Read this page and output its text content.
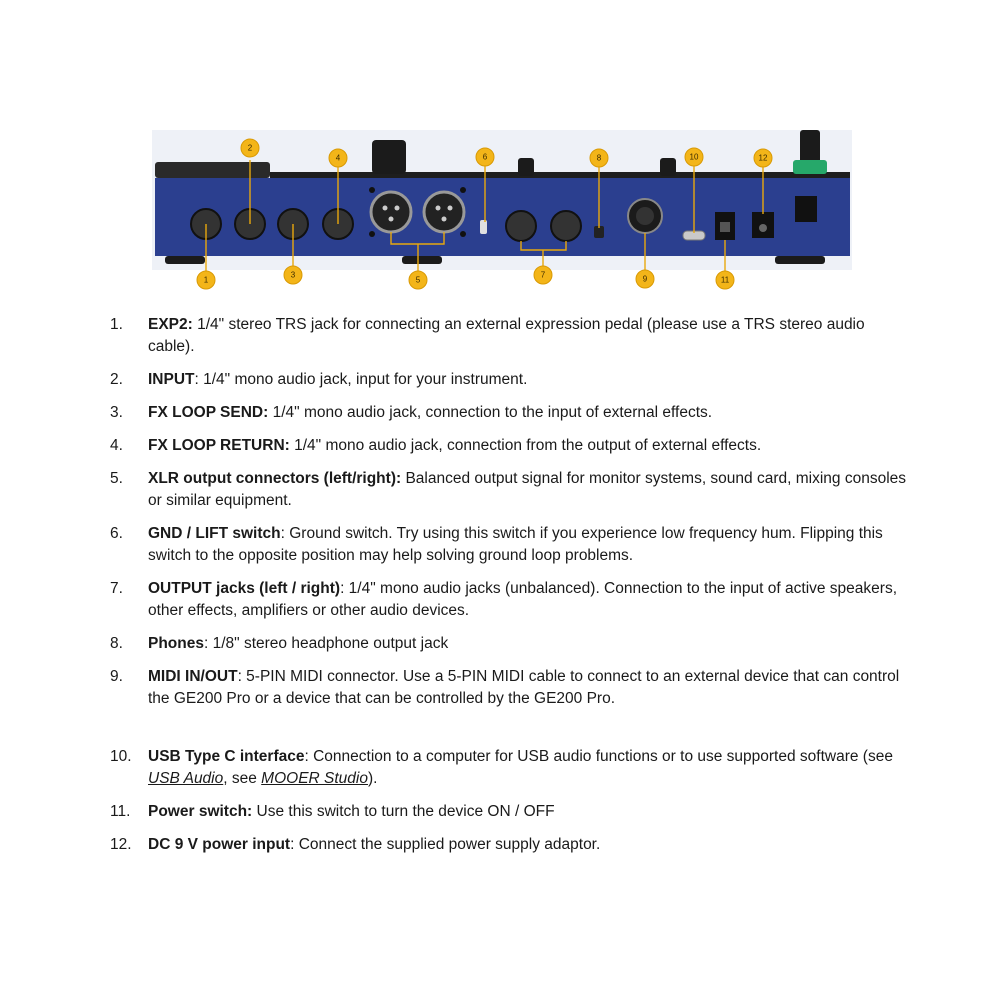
1
2
3
4
5
6
7
8
9
10
11
12
1.	EXP2: 1/4" stereo TRS jack for connecting an external expression pedal (please use a TRS stereo audio cable).
2.	INPUT: 1/4" mono audio jack, input for your instrument.
3.	FX LOOP SEND: 1/4" mono audio jack, connection to the input of external effects.
4.	FX LOOP RETURN: 1/4" mono audio jack, connection from the output of external effects.
5.	XLR output connectors (left/right): Balanced output signal for monitor systems, sound card, mixing consoles or similar equipment.
6.	GND / LIFT switch: Ground switch. Try using this switch if you experience low frequency hum. Flipping this switch to the opposite position may help solving ground loop problems.
7.	OUTPUT jacks (left / right): 1/4" mono audio jacks (unbalanced). Connection to the input of active speakers, other effects, amplifiers or other audio devices.
8.	Phones: 1/8" stereo headphone output jack
9.	MIDI IN/OUT: 5-PIN MIDI connector. Use a 5-PIN MIDI cable to connect to an external device that can control the GE200 Pro or a device that can be controlled by the GE200 Pro.
10.	USB Type C interface: Connection to a computer for USB audio functions or to use supported software (see USB Audio, see MOOER Studio).
11.	Power switch: Use this switch to turn the device ON / OFF
12.	DC 9 V power input: Connect the supplied power supply adaptor.
